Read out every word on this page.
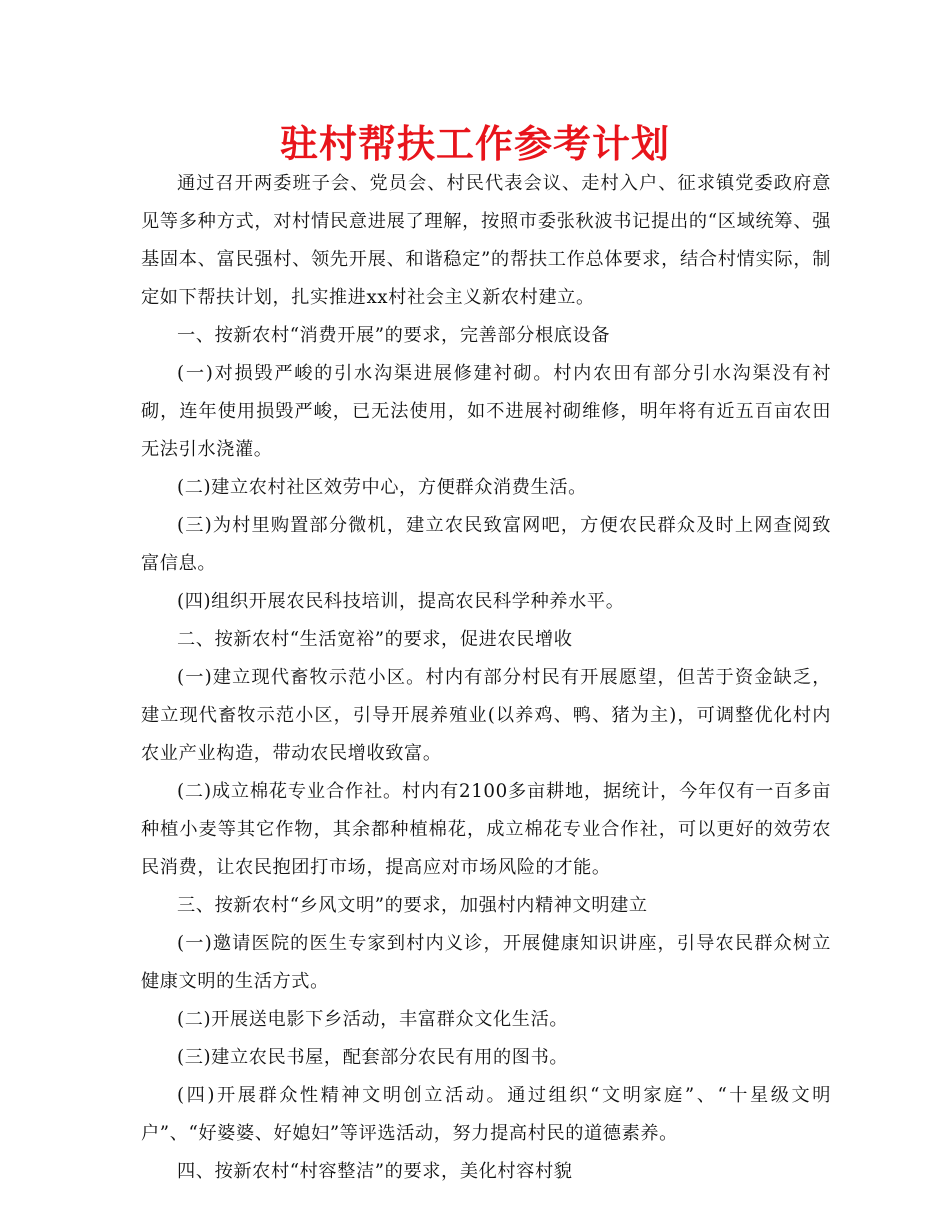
驻村帮扶工作参考计划

通过召开两委班子会、党员会、村民代表会议、走村入户、征求镇党委政府意见等多种方式，对村情民意进展了理解，按照市委张秋波书记提出的“区域统筹、强基固本、富民强村、领先开展、和谐稳定”的帮扶工作总体要求，结合村情实际，制定如下帮扶计划，扎实推进xx村社会主义新农村建立。

一、按新农村“消费开展”的要求，完善部分根底设备

(一)对损毁严峻的引水沟渠进展修建衬砌。村内农田有部分引水沟渠没有衬砌，连年使用损毁严峻，已无法使用，如不进展衬砌维修，明年将有近五百亩农田无法引水浇灌。

(二)建立农村社区效劳中心，方便群众消费生活。

(三)为村里购置部分微机，建立农民致富网吧，方便农民群众及时上网查阅致富信息。

(四)组织开展农民科技培训，提高农民科学种养水平。

二、按新农村“生活宽裕”的要求，促进农民增收

(一)建立现代畜牧示范小区。村内有部分村民有开展愿望，但苦于资金缺乏，建立现代畜牧示范小区，引导开展养殖业(以养鸡、鸭、猪为主)，可调整优化村内农业产业构造，带动农民增收致富。

(二)成立棉花专业合作社。村内有2100多亩耕地，据统计，今年仅有一百多亩种植小麦等其它作物，其余都种植棉花，成立棉花专业合作社，可以更好的效劳农民消费，让农民抱团打市场，提高应对市场风险的才能。

三、按新农村“乡风文明”的要求，加强村内精神文明建立

(一)邀请医院的医生专家到村内义诊，开展健康知识讲座，引导农民群众树立健康文明的生活方式。

(二)开展送电影下乡活动，丰富群众文化生活。

(三)建立农民书屋，配套部分农民有用的图书。

(四)开展群众性精神文明创立活动。通过组织“文明家庭”、“十星级文明户”、“好婆婆、好媳妇”等评选活动，努力提高村民的道德素养。

四、按新农村“村容整洁”的要求，美化村容村貌
